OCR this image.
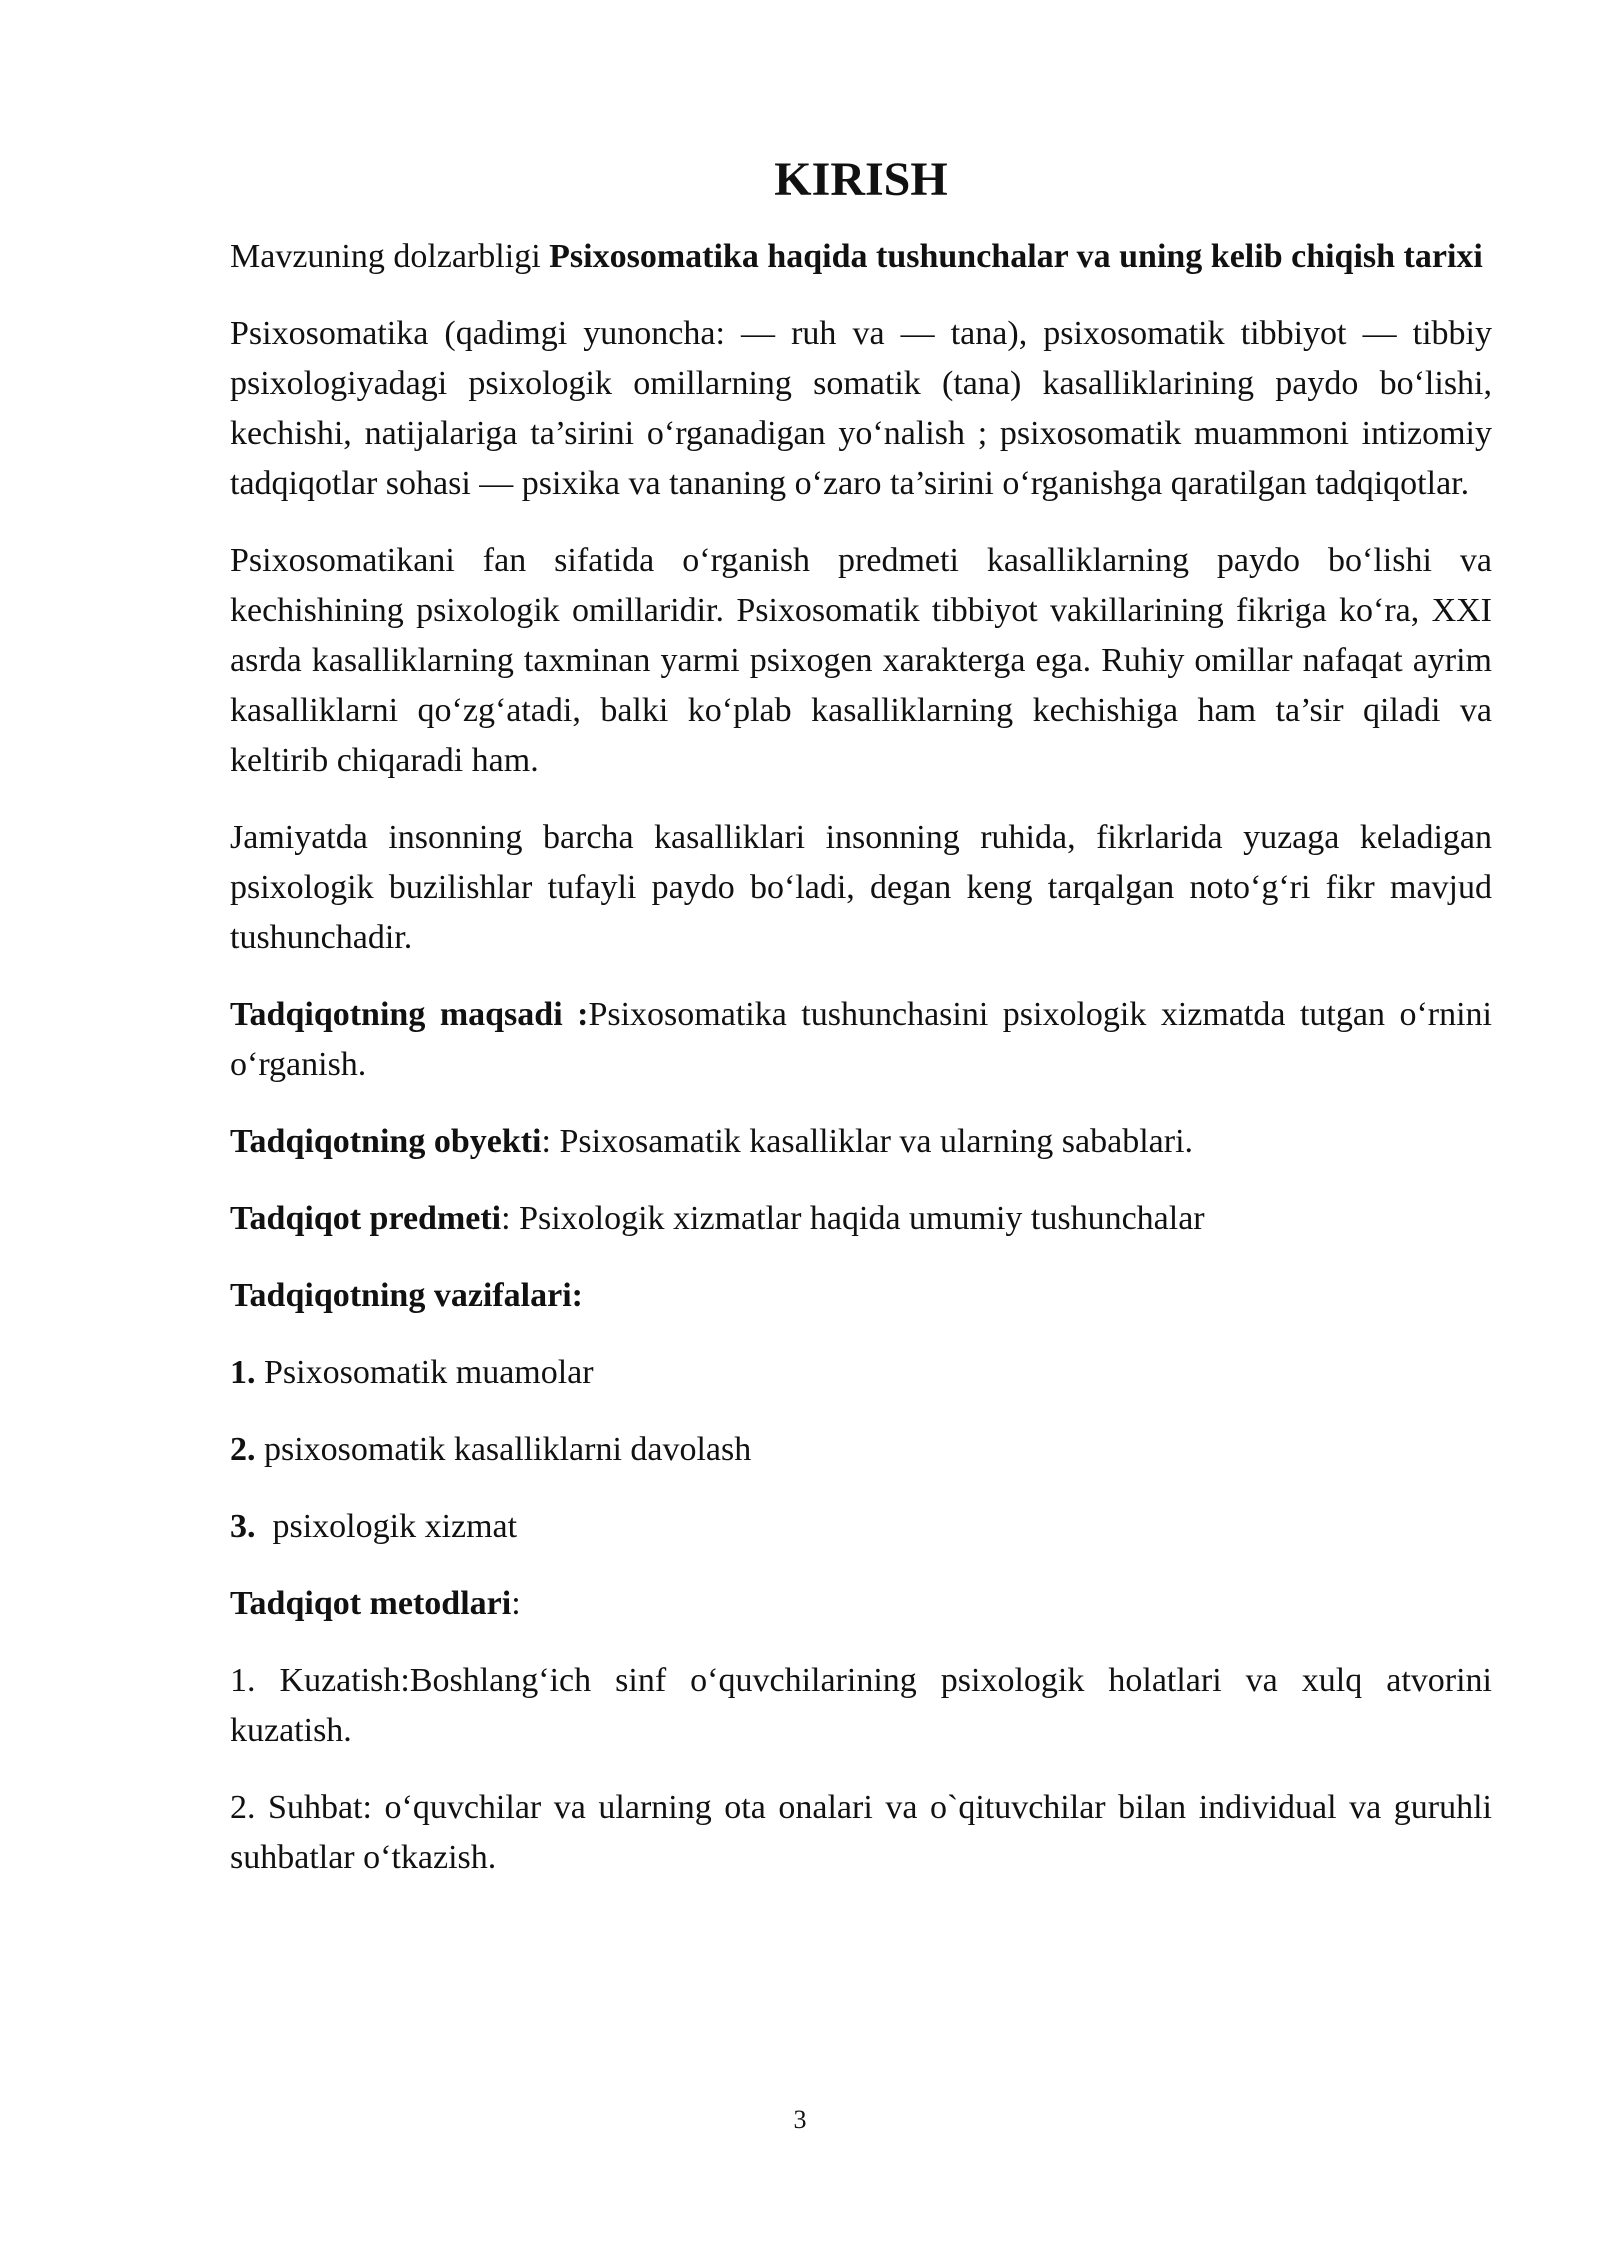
KIRISH

Mavzuning dolzarbligi Psixosomatika haqida tushunchalar va uning kelib chiqish tarixi

Psixosomatika (qadimgi yunoncha: — ruh va — tana), psixosomatik tibbiyot — tibbiy psixologiyadagi psixologik omillarning somatik (tana) kasalliklarining paydo bo‘lishi, kechishi, natijalariga ta’sirini o‘rganadigan yo‘nalish ; psixosomatik muammoni intizomiy tadqiqotlar sohasi — psixika va tananing o‘zaro ta’sirini o‘rganishga qaratilgan tadqiqotlar.

Psixosomatikani fan sifatida o‘rganish predmeti kasalliklarning paydo bo‘lishi va kechishining psixologik omillaridir. Psixosomatik tibbiyot vakillarining fikriga ko‘ra, XXI asrda kasalliklarning taxminan yarmi psixogen xarakterga ega. Ruhiy omillar nafaqat ayrim kasalliklarni qo‘zg‘atadi, balki ko‘plab kasalliklarning kechishiga ham ta’sir qiladi va keltirib chiqaradi ham.

Jamiyatda insonning barcha kasalliklari insonning ruhida, fikrlarida yuzaga keladigan psixologik buzilishlar tufayli paydo bo‘ladi, degan keng tarqalgan noto‘g‘ri fikr mavjud tushunchadir.

Tadqiqotning maqsadi :Psixosomatika tushunchasini psixologik xizmatda tutgan o‘rnini o‘rganish.

Tadqiqotning obyekti: Psixosamatik kasalliklar va ularning sabablari.

Tadqiqot predmeti: Psixologik xizmatlar haqida umumiy tushunchalar

Tadqiqotning vazifalari:

1. Psixosomatik muamolar

2. psixosomatik kasalliklarni davolash

3.  psixologik xizmat

Tadqiqot metodlari:

1. Kuzatish:Boshlang‘ich sinf o‘quvchilarining psixologik holatlari va xulq atvorini kuzatish.

2. Suhbat: o‘quvchilar va ularning ota onalari va o`qituvchilar bilan individual va guruhli suhbatlar o‘tkazish.

3
